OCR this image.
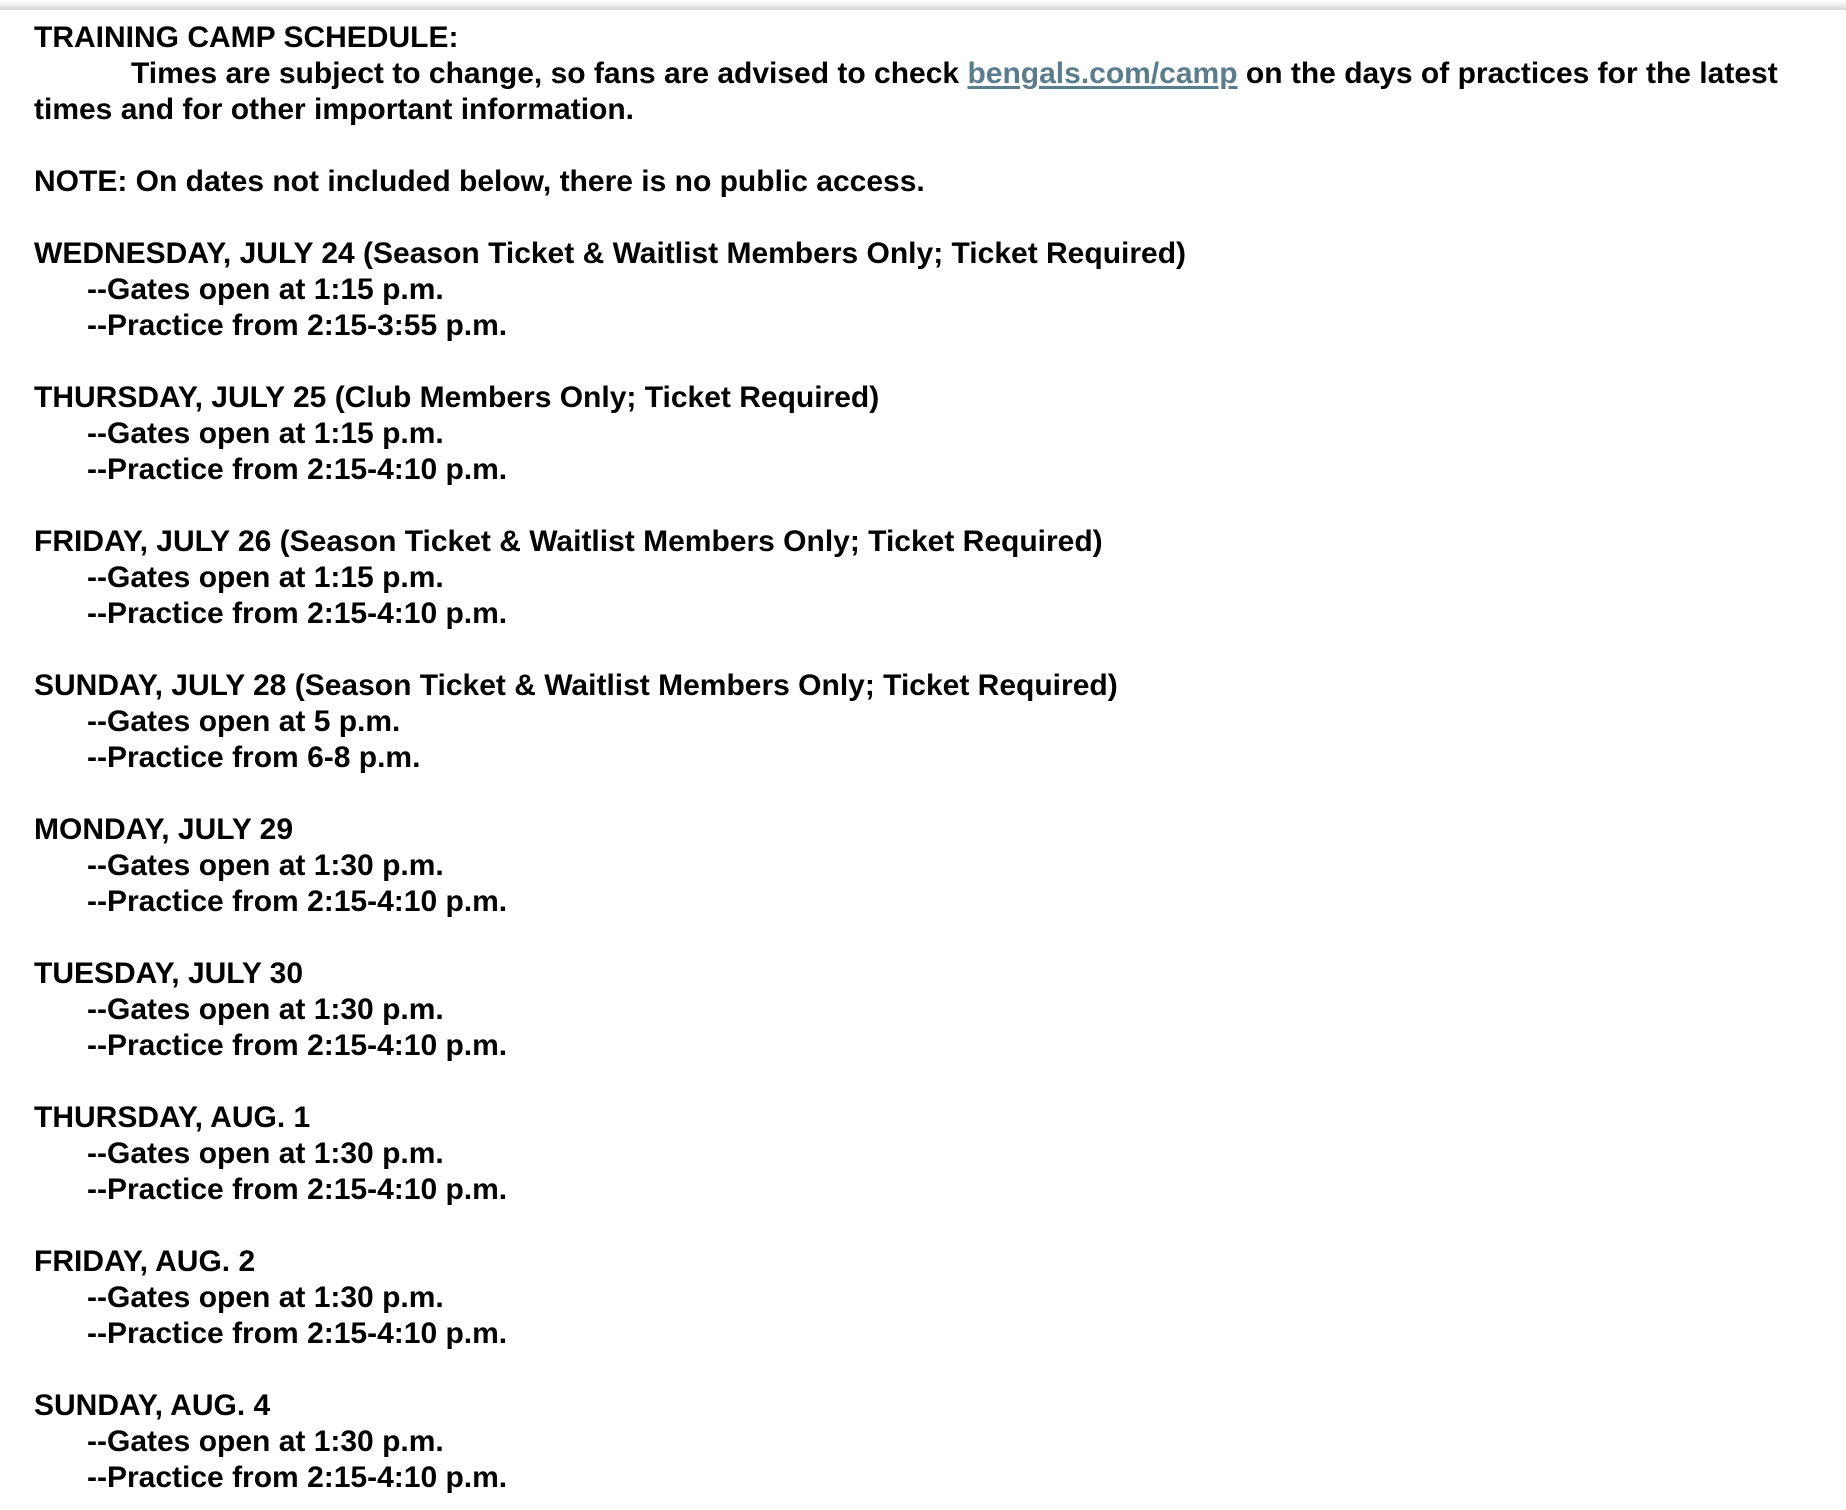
TRAINING CAMP SCHEDULE:
Times are subject to change, so fans are advised to check bengals.com/camp on the days of practices for the latest times and for other important information.
NOTE: On dates not included below, there is no public access.
WEDNESDAY, JULY 24 (Season Ticket & Waitlist Members Only; Ticket Required)
--Gates open at 1:15 p.m.
--Practice from 2:15-3:55 p.m.
THURSDAY, JULY 25 (Club Members Only; Ticket Required)
--Gates open at 1:15 p.m.
--Practice from 2:15-4:10 p.m.
FRIDAY, JULY 26 (Season Ticket & Waitlist Members Only; Ticket Required)
--Gates open at 1:15 p.m.
--Practice from 2:15-4:10 p.m.
SUNDAY, JULY 28 (Season Ticket & Waitlist Members Only; Ticket Required)
--Gates open at 5 p.m.
--Practice from 6-8 p.m.
MONDAY, JULY 29
--Gates open at 1:30 p.m.
--Practice from 2:15-4:10 p.m.
TUESDAY, JULY 30
--Gates open at 1:30 p.m.
--Practice from 2:15-4:10 p.m.
THURSDAY, AUG. 1
--Gates open at 1:30 p.m.
--Practice from 2:15-4:10 p.m.
FRIDAY, AUG. 2
--Gates open at 1:30 p.m.
--Practice from 2:15-4:10 p.m.
SUNDAY, AUG. 4
--Gates open at 1:30 p.m.
--Practice from 2:15-4:10 p.m.
